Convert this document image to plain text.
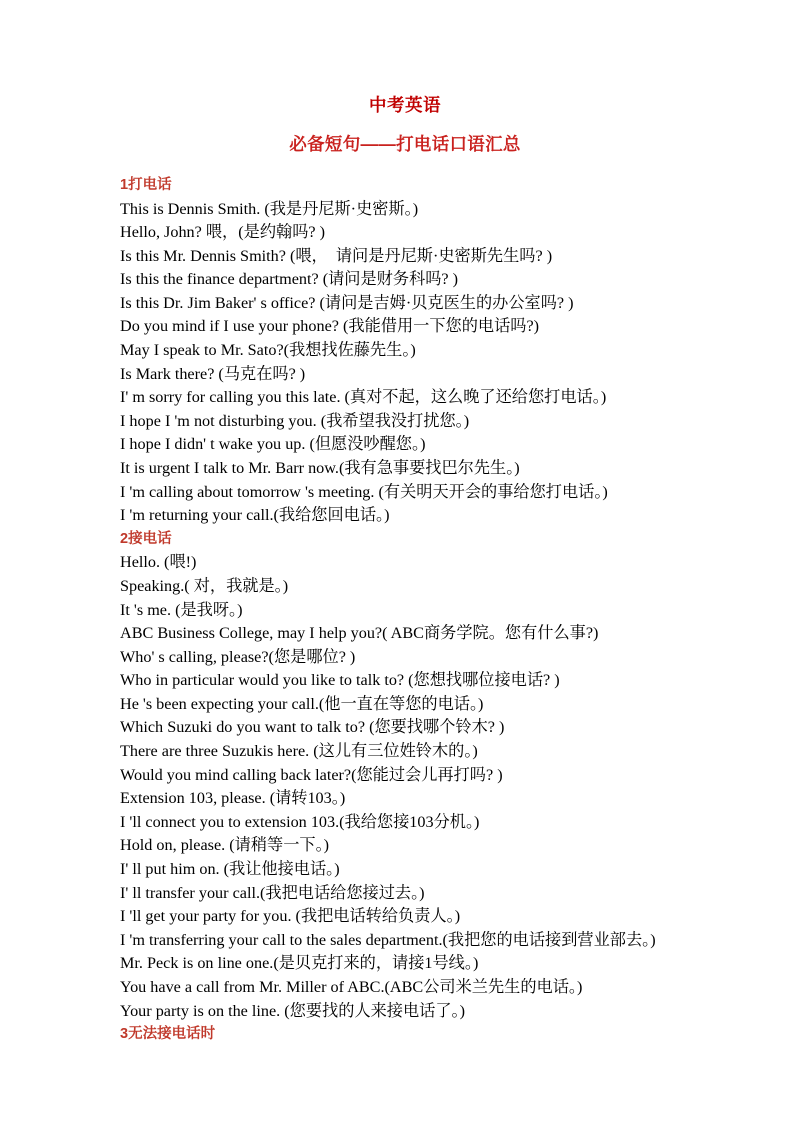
中考英语
必备短句——打电话口语汇总
1打电话
This is Dennis Smith. (我是丹尼斯·史密斯。)
Hello, John? 喂，(是约翰吗? )
Is this Mr. Dennis Smith? (喂，　请问是丹尼斯·史密斯先生吗? )
Is this the finance department? (请问是财务科吗? )
Is this Dr. Jim Baker' s office? (请问是吉姆·贝克医生的办公室吗? )
Do you mind if I use your phone? (我能借用一下您的电话吗?)
May I speak to Mr. Sato?(我想找佐藤先生。)
Is Mark there? (马克在吗? )
I' m sorry for calling you this late. (真对不起，这么晚了还给您打电话。)
I hope I 'm not disturbing you. (我希望我没打扰您。)
I hope I didn' t wake you up. (但愿没吵醒您。)
It is urgent I talk to Mr. Barr now.(我有急事要找巴尔先生。)
I 'm calling about tomorrow 's meeting. (有关明天开会的事给您打电话。)
I 'm returning your call.(我给您回电话。)
2接电话
Hello. (喂!)
Speaking.( 对，我就是。)
It 's me. (是我呀。)
ABC Business College, may I help you?( ABC商务学院。您有什么事?)
Who' s calling, please?(您是哪位? )
Who in particular would you like to talk to? (您想找哪位接电话? )
He 's been expecting your call.(他一直在等您的电话。)
Which Suzuki do you want to talk to? (您要找哪个铃木? )
There are three Suzukis here. (这儿有三位姓铃木的。)
Would you mind calling back later?(您能过会儿再打吗? )
Extension 103, please. (请转103。)
I 'll connect you to extension 103.(我给您接103分机。)
Hold on, please. (请稍等一下。)
I' ll put him on. (我让他接电话。)
I' ll transfer your call.(我把电话给您接过去。)
I 'll get your party for you. (我把电话转给负责人。)
I 'm transferring your call to the sales department.(我把您的电话接到营业部去。)
Mr. Peck is on line one.(是贝克打来的，请接1号线。)
You have a call from Mr. Miller of ABC.(ABC公司米兰先生的电话。)
Your party is on the line. (您要找的人来接电话了。)
3无法接电话时
